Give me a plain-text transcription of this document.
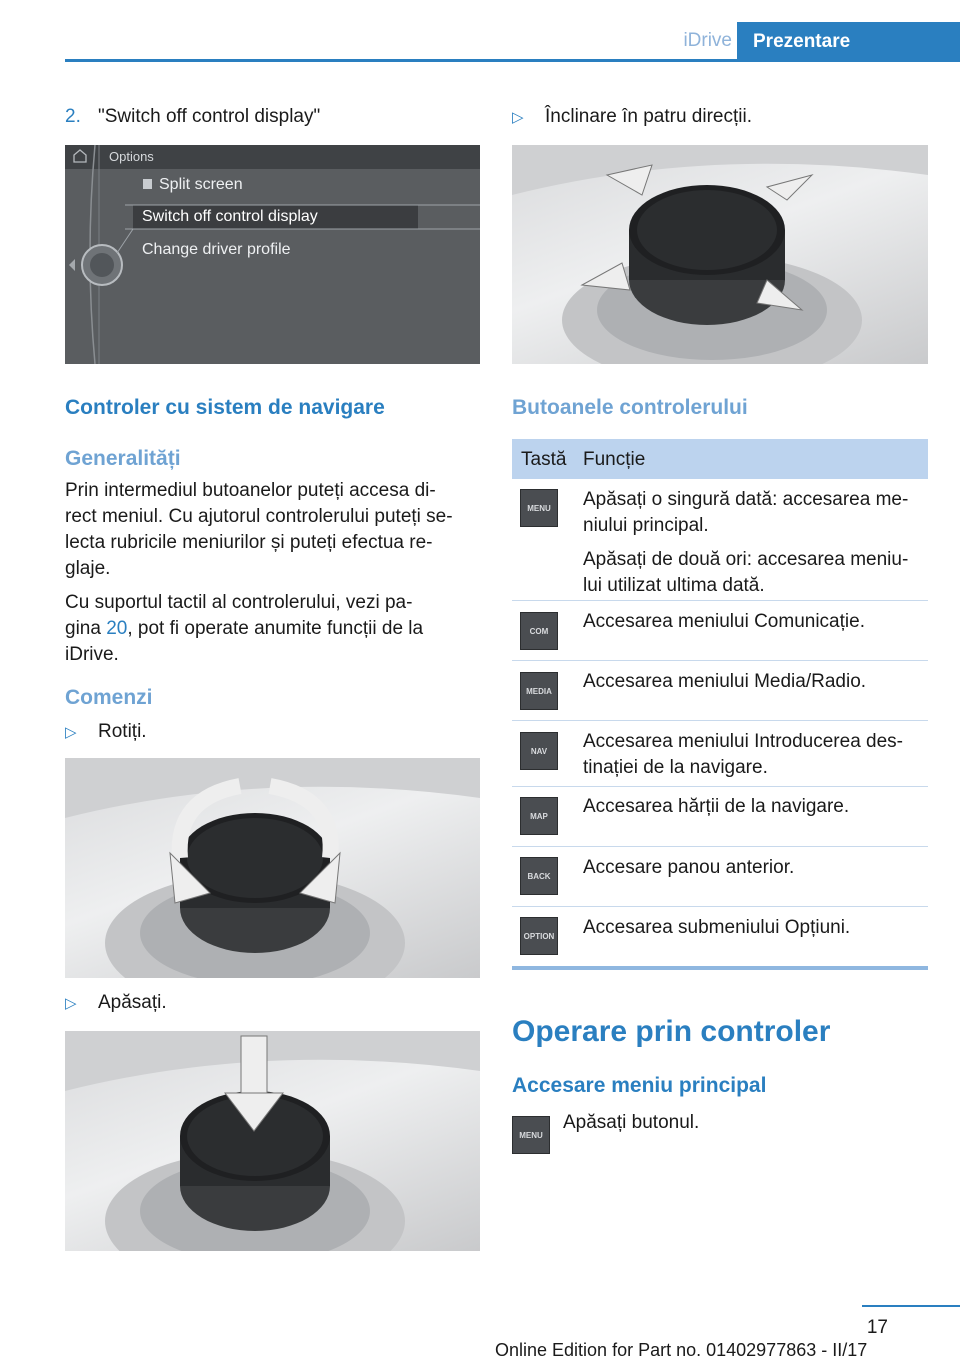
iDrive	Prezentare
2. "Switch off control display"
Options
Split screen
Switch off control display
Change driver profile
Controler cu sistem de navigare
Generalități
Prin intermediul butoanelor puteți accesa di‐
rect meniul. Cu ajutorul controlerului puteți se‐
lecta rubricile meniurilor și puteți efectua re‐
glaje.
Cu suportul tactil al controlerului, vezi pa‐
gina 20, pot fi operate anumite funcții de la
iDrive.
Comenzi
▷ Rotiți.
▷ Apăsați.
▷ Înclinare în patru direcții.
Butoanele controlerului
Tastă Funcție
MENU	Apăsați o singură dată: accesarea me‐
niului principal.
Apăsați de două ori: accesarea meniu‐
lui utilizat ultima dată.
COM	Accesarea meniului Comunicație.
MEDIA	Accesarea meniului Media/Radio.
NAV	Accesarea meniului Introducerea des‐
tinației de la navigare.
MAP	Accesarea hărții de la navigare.
BACK	Accesare panou anterior.
OPTION Accesarea submeniului Opțiuni.
Operare prin controler
Accesare meniu principal
MENU
Apăsați butonul.
17
Online Edition for Part no. 01402977863 - II/17
